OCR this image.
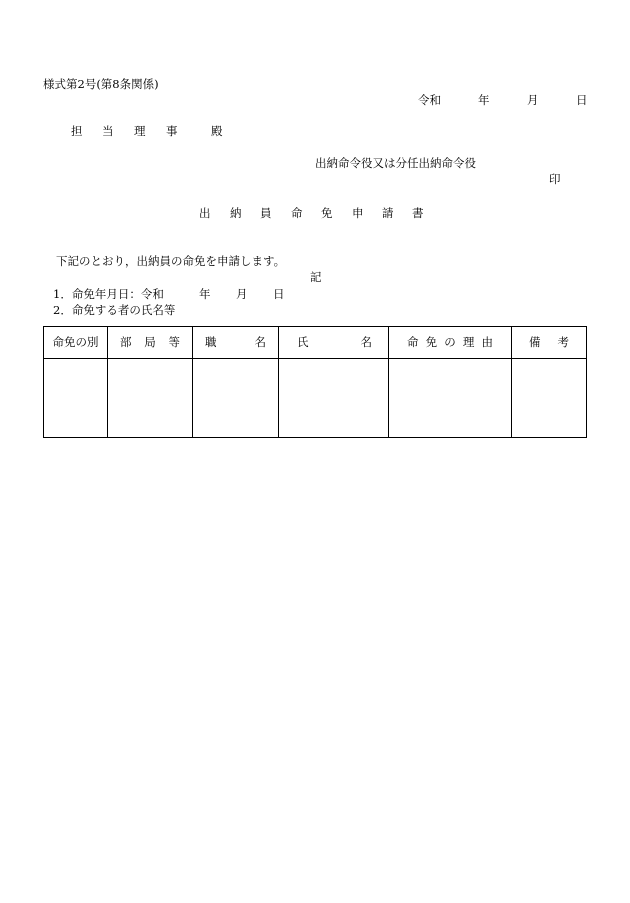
様式第2号(第8条関係)
令和	年	月	日
担 当 理 事	殿
出納命令役又は分任出納命令役
印
出 納 員 命 免 申 請 書
下記のとおり，出納員の命免を申請します。
記
1．命免年月日：令和	年 月 日
2．命免する者の氏名等
命免の別	部 局 等	職 名	氏 名	命 免 の 理 由	備 考
